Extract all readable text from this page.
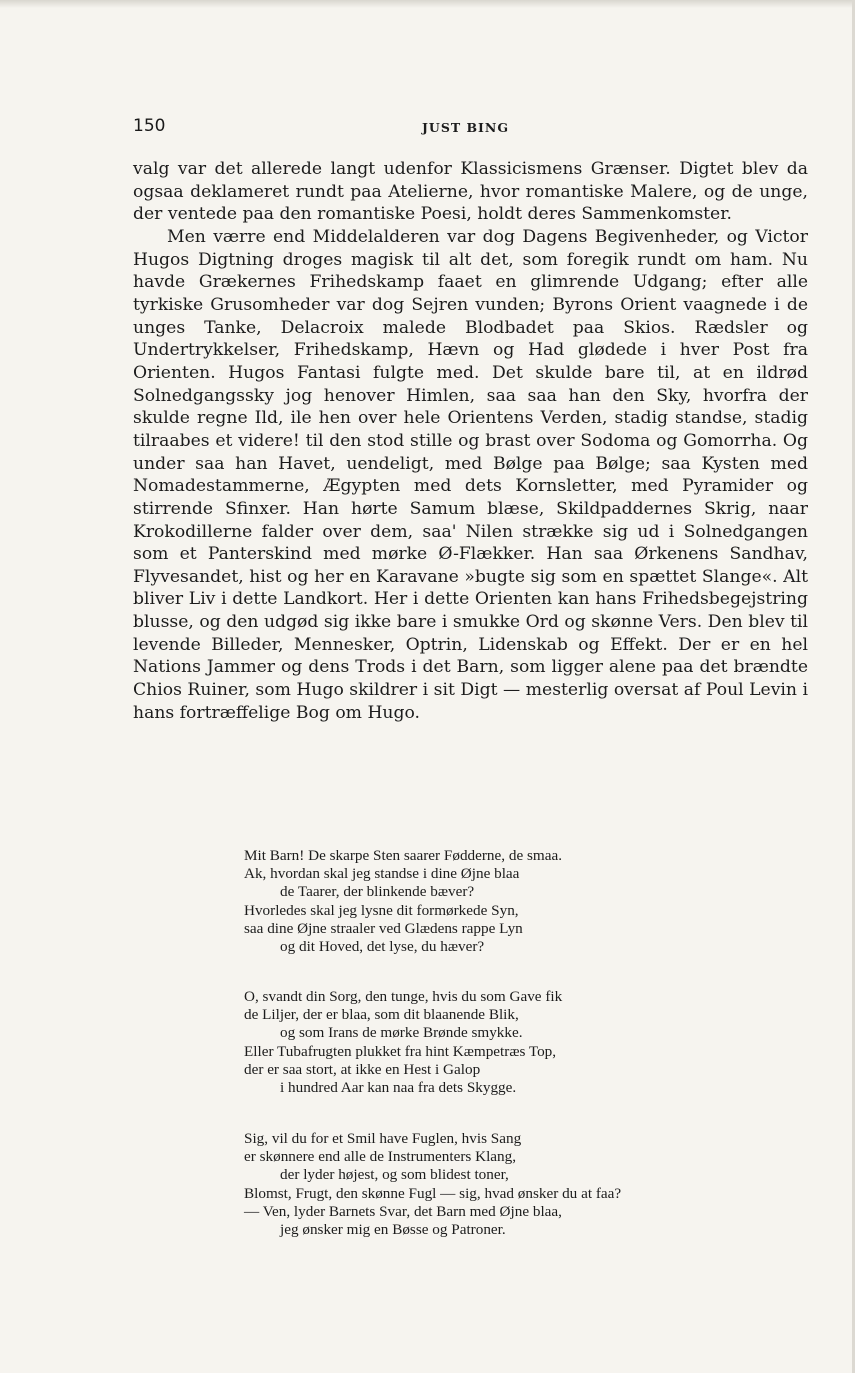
150	JUST BING

valg var det allerede langt udenfor Klassicismens Grænser. Digtet blev da ogsaa deklameret rundt paa Atelierne, hvor romantiske Malere, og de unge, der ventede paa den romantiske Poesi, holdt deres Sammenkomster.

Men værre end Middelalderen var dog Dagens Begivenheder, og Victor Hugos Digtning droges magisk til alt det, som foregik rundt om ham. Nu havde Grækernes Frihedskamp faaet en glimrende Udgang; efter alle tyrkiske Grusomheder var dog Sejren vunden; Byrons Orient vaagnede i de unges Tanke, Delacroix malede Blodbadet paa Skios. Rædsler og Undertrykkelser, Frihedskamp, Hævn og Had glødede i hver Post fra Orienten. Hugos Fantasi fulgte med. Det skulde bare til, at en ildrød Solnedgangssky jog henover Himlen, saa saa han den Sky, hvorfra der skulde regne Ild, ile hen over hele Orientens Verden, stadig standse, stadig tilraabes et videre! til den stod stille og brast over Sodoma og Gomorrha. Og under saa han Havet, uendeligt, med Bølge paa Bølge; saa Kysten med Nomadestammerne, Ægypten med dets Kornsletter, med Pyramider og stirrende Sfinxer. Han hørte Samum blæse, Skildpaddernes Skrig, naar Krokodillerne falder over dem, saa' Nilen strække sig ud i Solnedgangen som et Panterskind med mørke Ø-Flækker. Han saa Ørkenens Sandhav, Flyvesandet, hist og her en Karavane »bugte sig som en spættet Slange«. Alt bliver Liv i dette Landkort. Her i dette Orienten kan hans Frihedsbegejstring blusse, og den udgød sig ikke bare i smukke Ord og skønne Vers. Den blev til levende Billeder, Mennesker, Optrin, Lidenskab og Effekt. Der er en hel Nations Jammer og dens Trods i det Barn, som ligger alene paa det brændte Chios Ruiner, som Hugo skildrer i sit Digt — mesterlig oversat af Poul Levin i hans fortræffelige Bog om Hugo.

Mit Barn! De skarpe Sten saarer Fødderne, de smaa.
Ak, hvordan skal jeg standse i dine Øjne blaa
de Taarer, der blinkende bæver?
Hvorledes skal jeg lysne dit formørkede Syn,
saa dine Øjne straaler ved Glædens rappe Lyn
og dit Hoved, det lyse, du hæver?
O, svandt din Sorg, den tunge, hvis du som Gave fik
de Liljer, der er blaa, som dit blaanende Blik,
og som Irans de mørke Brønde smykke.
Eller Tubafrugten plukket fra hint Kæmpetræs Top,
der er saa stort, at ikke en Hest i Galop
i hundred Aar kan naa fra dets Skygge.
Sig, vil du for et Smil have Fuglen, hvis Sang
er skønnere end alle de Instrumenters Klang,
der lyder højest, og som blidest toner,
Blomst, Frugt, den skønne Fugl — sig, hvad ønsker du at faa?
— Ven, lyder Barnets Svar, det Barn med Øjne blaa,
jeg ønsker mig en Bøsse og Patroner.
